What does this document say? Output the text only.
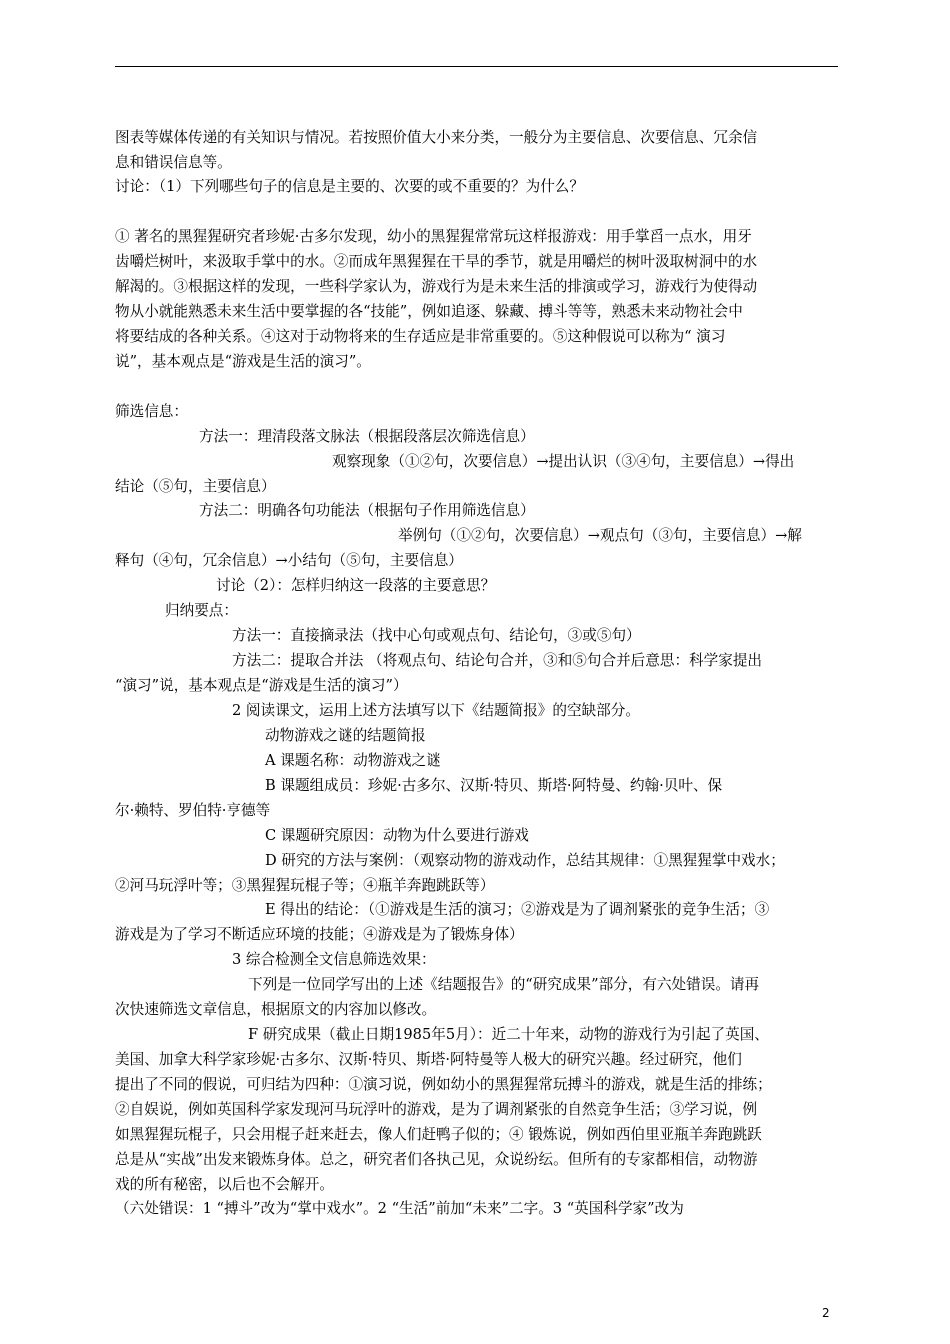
图表等媒体传递的有关知识与情况。若按照价值大小来分类，一般分为主要信息、次要信息、冗余信
息和错误信息等。
讨论：（1）下列哪些句子的信息是主要的、次要的或不重要的？为什么？
① 著名的黑猩猩研究者珍妮·古多尔发现，幼小的黑猩猩常常玩这样报游戏：用手掌舀一点水，用牙
齿嚼烂树叶，来汲取手掌中的水。②而成年黑猩猩在干旱的季节，就是用嚼烂的树叶汲取树洞中的水
解渴的。③根据这样的发现，一些科学家认为，游戏行为是未来生活的排演或学习，游戏行为使得动
物从小就能熟悉未来生活中要掌握的各“技能”，例如追逐、躲藏、搏斗等等，熟悉未来动物社会中
将要结成的各种关系。④这对于动物将来的生存适应是非常重要的。⑤这种假说可以称为“ 演习
说”，基本观点是“游戏是生活的演习”。
筛选信息：
方法一：理清段落文脉法（根据段落层次筛选信息）
观察现象（①②句，次要信息）→提出认识（③④句，主要信息）→得出
结论（⑤句，主要信息）
方法二：明确各句功能法（根据句子作用筛选信息）
举例句（①②句，次要信息）→观点句（③句，主要信息）→解
释句（④句，冗余信息）→小结句（⑤句，主要信息）
讨论（2）：怎样归纳这一段落的主要意思？
归纳要点：
方法一：直接摘录法（找中心句或观点句、结论句，③或⑤句）
方法二：提取合并法 （将观点句、结论句合并，③和⑤句合并后意思：科学家提出
“演习”说，基本观点是“游戏是生活的演习”）
2 阅读课文，运用上述方法填写以下《结题简报》的空缺部分。
动物游戏之谜的结题简报
A 课题名称：动物游戏之谜
B 课题组成员：珍妮·古多尔、汉斯·特贝、斯塔·阿特曼、约翰·贝叶、保
尔·赖特、罗伯特·亨德等
C 课题研究原因：动物为什么要进行游戏
D 研究的方法与案例：（观察动物的游戏动作，总结其规律：①黑猩猩掌中戏水；
②河马玩浮叶等；③黑猩猩玩棍子等；④瓶羊奔跑跳跃等）
E 得出的结论：（①游戏是生活的演习；②游戏是为了调剂紧张的竞争生活；③
游戏是为了学习不断适应环境的技能；④游戏是为了锻炼身体）
3 综合检测全文信息筛选效果：
下列是一位同学写出的上述《结题报告》的“研究成果”部分，有六处错误。请再
次快速筛选文章信息，根据原文的内容加以修改。
F 研究成果（截止日期1985年5月）：近二十年来，动物的游戏行为引起了英国、
美国、加拿大科学家珍妮·古多尔、汉斯·特贝、斯塔·阿特曼等人极大的研究兴趣。经过研究，他们
提出了不同的假说，可归结为四种：①演习说，例如幼小的黑猩猩常玩搏斗的游戏，就是生活的排练；
②自娱说，例如英国科学家发现河马玩浮叶的游戏，是为了调剂紧张的自然竞争生活；③学习说，例
如黑猩猩玩棍子，只会用棍子赶来赶去，像人们赶鸭子似的；④ 锻炼说，例如西伯里亚瓶羊奔跑跳跃
总是从“实战”出发来锻炼身体。总之，研究者们各执己见，众说纷纭。但所有的专家都相信，动物游
戏的所有秘密，以后也不会解开。
（六处错误：1 “搏斗”改为“掌中戏水”。2 “生活”前加“未来”二字。3 “英国科学家”改为
2
